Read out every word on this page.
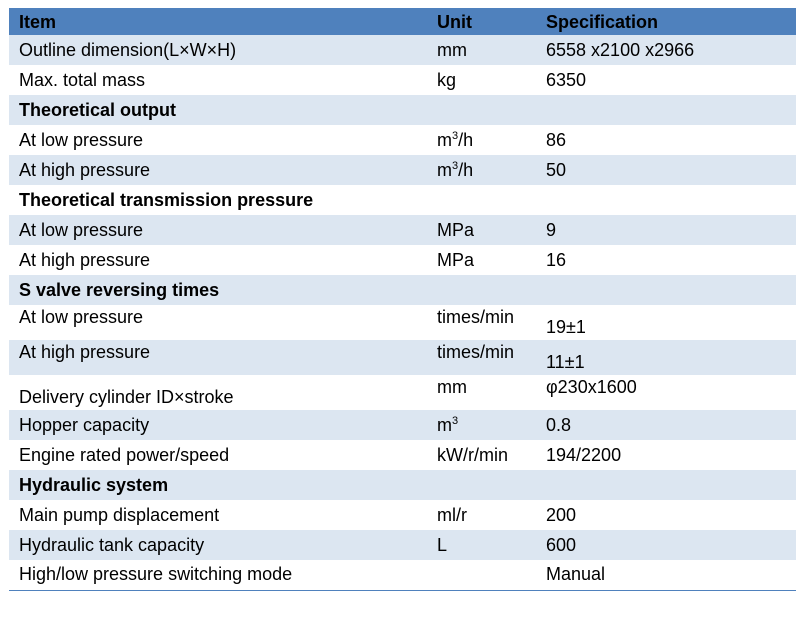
Item	Unit	Specification
Outline dimension(L×W×H)	mm	6558 x2100 x2966
Max. total mass	kg	6350
Theoretical output		
At low pressure	$m^3/h$	86
At high pressure	$m^3/h$	50
Theoretical transmission pressure		
At low pressure	MPa	9
At high pressure	MPa	16
S valve reversing times		
At low pressure	times/min	19±1
At high pressure	times/min	11±1
Delivery cylinder ID×stroke	mm	φ230x1600
Hopper capacity	$m^3$	0.8
Engine rated power/speed	kW/r/min	194/2200
Hydraulic system		
Main pump displacement	ml/r	200
Hydraulic tank capacity	L	600
High/low pressure switching mode		Manual
